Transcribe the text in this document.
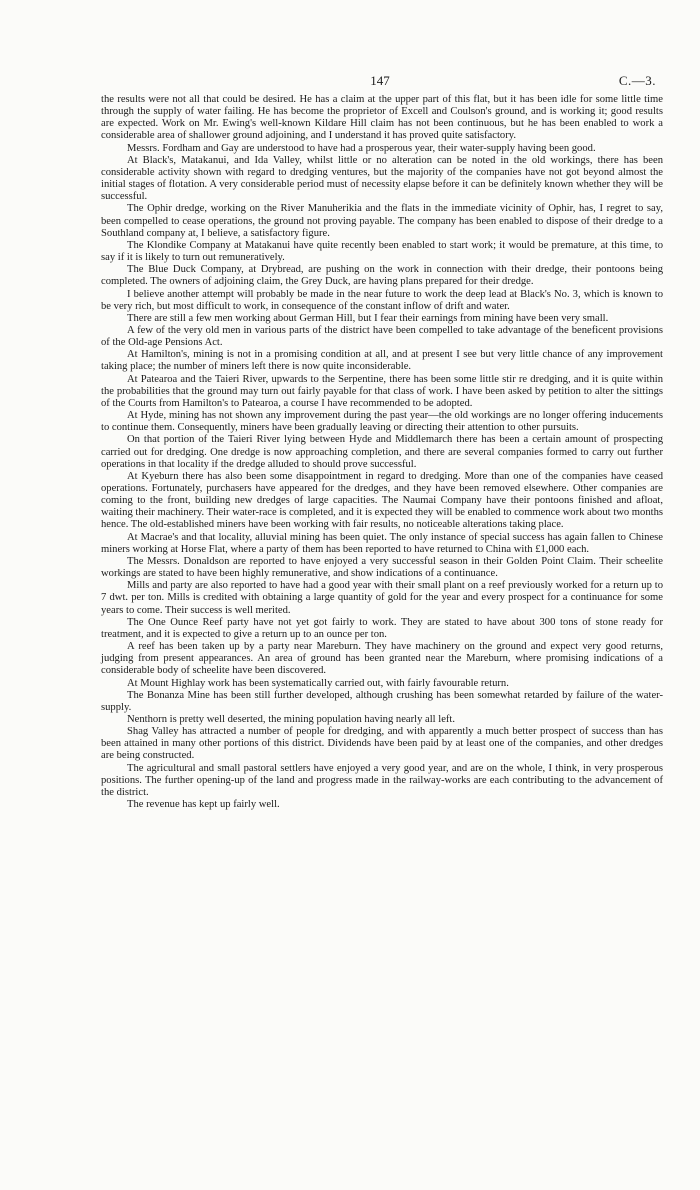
147	C.—3.

the results were not all that could be desired. He has a claim at the upper part of this flat, but it has been idle for some little time through the supply of water failing. He has become the proprietor of Excell and Coulson's ground, and is working it; good results are expected. Work on Mr. Ewing's well-known Kildare Hill claim has not been continuous, but he has been enabled to work a considerable area of shallower ground adjoining, and I understand it has proved quite satisfactory.

Messrs. Fordham and Gay are understood to have had a prosperous year, their water-supply having been good.

At Black's, Matakanui, and Ida Valley, whilst little or no alteration can be noted in the old workings, there has been considerable activity shown with regard to dredging ventures, but the majority of the companies have not got beyond almost the initial stages of flotation. A very considerable period must of necessity elapse before it can be definitely known whether they will be successful.

The Ophir dredge, working on the River Manuherikia and the flats in the immediate vicinity of Ophir, has, I regret to say, been compelled to cease operations, the ground not proving payable. The company has been enabled to dispose of their dredge to a Southland company at, I believe, a satisfactory figure.

The Klondike Company at Matakanui have quite recently been enabled to start work; it would be premature, at this time, to say if it is likely to turn out remuneratively.

The Blue Duck Company, at Drybread, are pushing on the work in connection with their dredge, their pontoons being completed. The owners of adjoining claim, the Grey Duck, are having plans prepared for their dredge.

I believe another attempt will probably be made in the near future to work the deep lead at Black's No. 3, which is known to be very rich, but most difficult to work, in consequence of the constant inflow of drift and water.

There are still a few men working about German Hill, but I fear their earnings from mining have been very small.

A few of the very old men in various parts of the district have been compelled to take advantage of the beneficent provisions of the Old-age Pensions Act.

At Hamilton's, mining is not in a promising condition at all, and at present I see but very little chance of any improvement taking place; the number of miners left there is now quite inconsiderable.

At Patearoa and the Taieri River, upwards to the Serpentine, there has been some little stir re dredging, and it is quite within the probabilities that the ground may turn out fairly payable for that class of work. I have been asked by petition to alter the sittings of the Courts from Hamilton's to Patearoa, a course I have recommended to be adopted.

At Hyde, mining has not shown any improvement during the past year—the old workings are no longer offering inducements to continue them. Consequently, miners have been gradually leaving or directing their attention to other pursuits.

On that portion of the Taieri River lying between Hyde and Middlemarch there has been a certain amount of prospecting carried out for dredging. One dredge is now approaching completion, and there are several companies formed to carry out further operations in that locality if the dredge alluded to should prove successful.

At Kyeburn there has also been some disappointment in regard to dredging. More than one of the companies have ceased operations. Fortunately, purchasers have appeared for the dredges, and they have been removed elsewhere. Other companies are coming to the front, building new dredges of large capacities. The Naumai Company have their pontoons finished and afloat, waiting their machinery. Their water-race is completed, and it is expected they will be enabled to commence work about two months hence. The old-established miners have been working with fair results, no noticeable alterations taking place.

At Macrae's and that locality, alluvial mining has been quiet. The only instance of special success has again fallen to Chinese miners working at Horse Flat, where a party of them has been reported to have returned to China with £1,000 each.

The Messrs. Donaldson are reported to have enjoyed a very successful season in their Golden Point Claim. Their scheelite workings are stated to have been highly remunerative, and show indications of a continuance.

Mills and party are also reported to have had a good year with their small plant on a reef previously worked for a return up to 7 dwt. per ton. Mills is credited with obtaining a large quantity of gold for the year and every prospect for a continuance for some years to come. Their success is well merited.

The One Ounce Reef party have not yet got fairly to work. They are stated to have about 300 tons of stone ready for treatment, and it is expected to give a return up to an ounce per ton.

A reef has been taken up by a party near Mareburn. They have machinery on the ground and expect very good returns, judging from present appearances. An area of ground has been granted near the Mareburn, where promising indications of a considerable body of scheelite have been discovered.

At Mount Highlay work has been systematically carried out, with fairly favourable return.

The Bonanza Mine has been still further developed, although crushing has been somewhat retarded by failure of the water-supply.

Nenthorn is pretty well deserted, the mining population having nearly all left.

Shag Valley has attracted a number of people for dredging, and with apparently a much better prospect of success than has been attained in many other portions of this district. Dividends have been paid by at least one of the companies, and other dredges are being constructed.

The agricultural and small pastoral settlers have enjoyed a very good year, and are on the whole, I think, in very prosperous positions. The further opening-up of the land and progress made in the railway-works are each contributing to the advancement of the district.

The revenue has kept up fairly well.
